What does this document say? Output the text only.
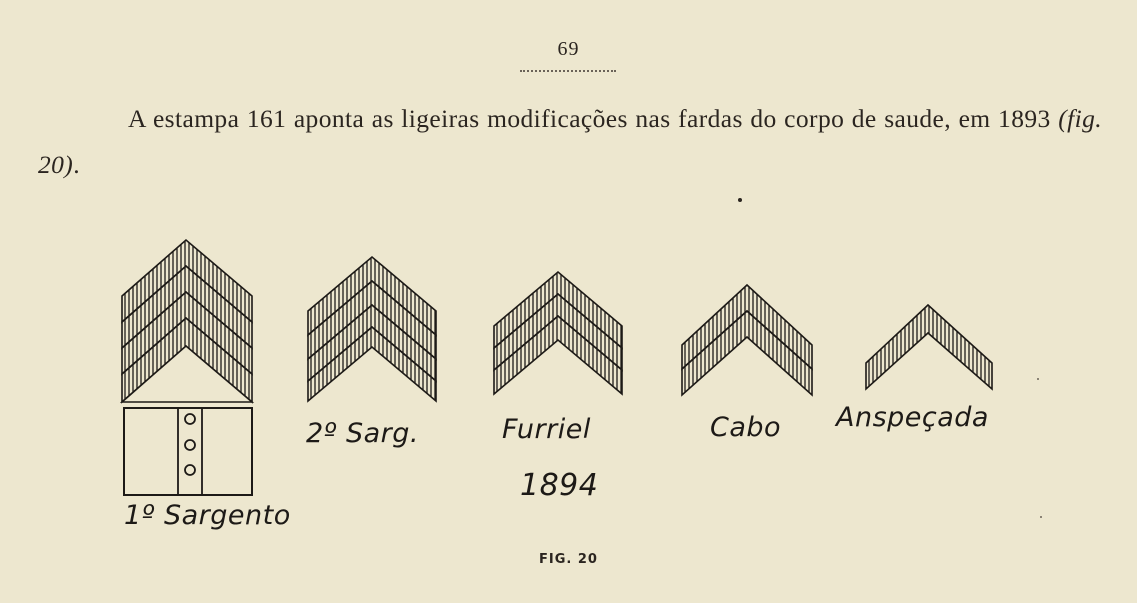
69

A estampa 161 aponta as ligeiras modificações nas fardas do corpo de saude, em 1893 (fig. 20).

1º Sargento
2º Sarg.	Furriel	Cabo Anspeçada
1894
FIG. 20
